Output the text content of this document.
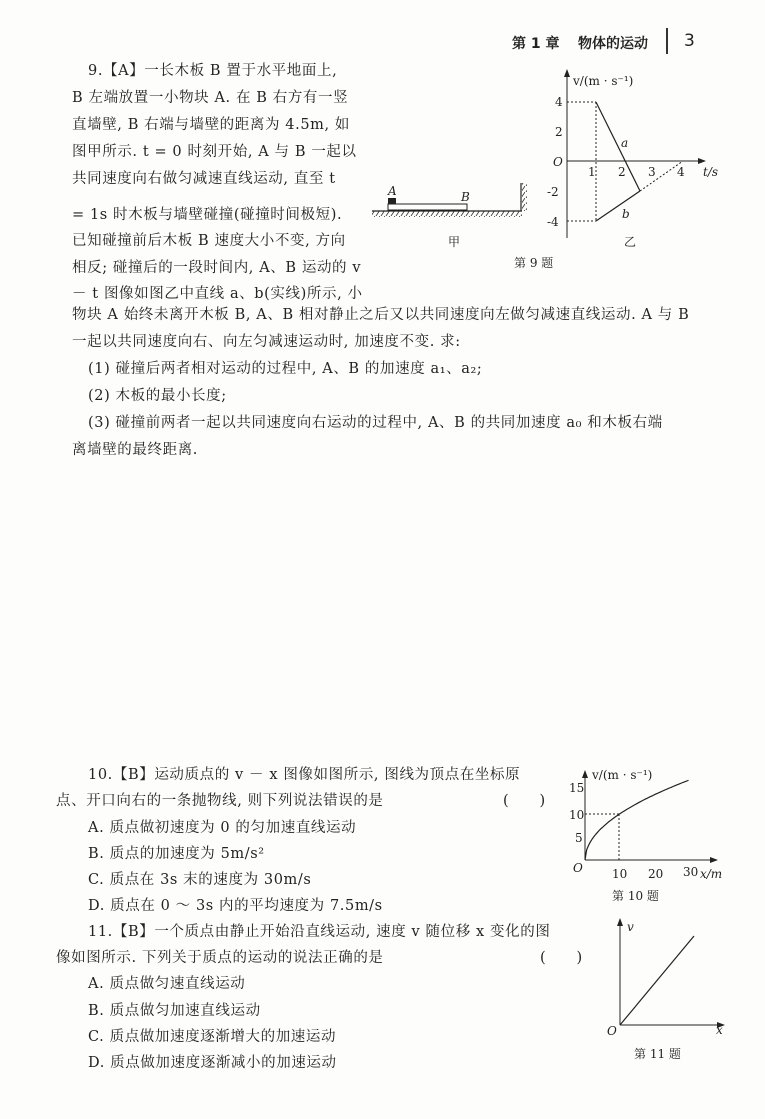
第 1 章 物体的运动 3
9.【A】一长木板 B 置于水平地面上,
B 左端放置一小物块 A. 在 B 右方有一竖
直墙壁, B 右端与墙壁的距离为 4.5m, 如
图甲所示. t = 0 时刻开始, A 与 B 一起以
共同速度向右做匀减速直线运动, 直至 t
= 1s 时木板与墙壁碰撞(碰撞时间极短).
已知碰撞前后木板 B 速度大小不变, 方向
相反; 碰撞后的一段时间内, A、B 运动的 v
－ t 图像如图乙中直线 a、b(实线)所示, 小
物块 A 始终未离开木板 B, A、B 相对静止之后又以共同速度向左做匀减速直线运动. A 与 B
一起以共同速度向右、向左匀减速运动时, 加速度不变. 求:
(1) 碰撞后两者相对运动的过程中, A、B 的加速度 a₁、a₂;
(2) 木板的最小长度;
(3) 碰撞前两者一起以共同速度向右运动的过程中, A、B 的共同加速度 a₀ 和木板右端
离墙壁的最终距离.
10.【B】运动质点的 v － x 图像如图所示, 图线为顶点在坐标原
点、开口向右的一条抛物线, 则下列说法错误的是	(　　)
A. 质点做初速度为 0 的匀加速直线运动
B. 质点的加速度为 5m/s²
C. 质点在 3s 末的速度为 30m/s
D. 质点在 0 ～ 3s 内的平均速度为 7.5m/s
11.【B】一个质点由静止开始沿直线运动, 速度 v 随位移 x 变化的图
像如图所示. 下列关于质点的运动的说法正确的是	(　　)
A. 质点做匀速直线运动
B. 质点做匀加速直线运动
C. 质点做加速度逐渐增大的加速运动
D. 质点做加速度逐渐减小的加速运动
A	B
甲
v/(m · s⁻¹)
t/s
O
4
2
-2
-4
1 2 3 4
a
b
乙
第 9 题
v/(m · s⁻¹)
x/m
O
15
10
5
10 20 30
第 10 题
v
x
O
第 11 题
